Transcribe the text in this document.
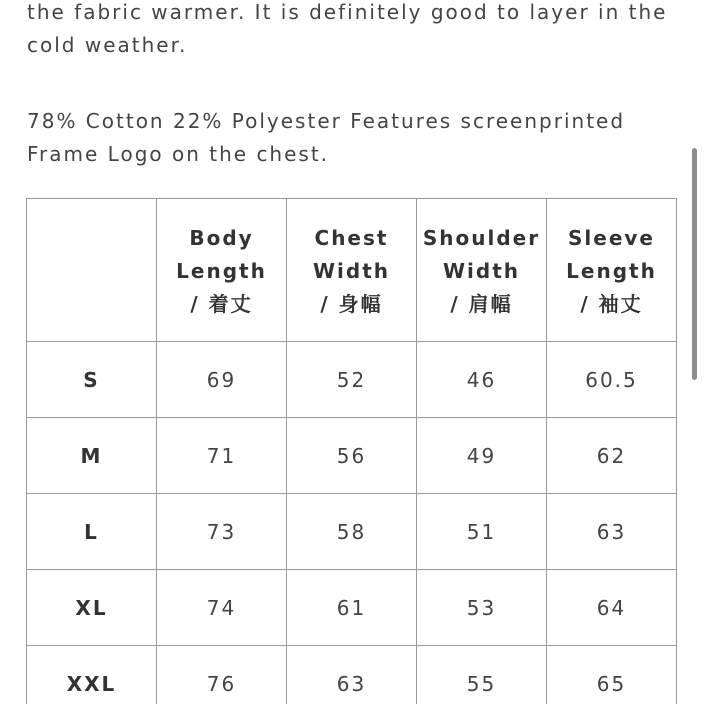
the fabric warmer. It is definitely good to layer in the cold weather.

78% Cotton 22% Polyester Features screenprinted Frame Logo on the chest.

	Body
Length
/ 着丈	Chest
Width
/ 身幅	Shoulder
Width
/ 肩幅	Sleeve
Length
/ 袖丈

S	69	52	46	60.5
M	71	56	49	62
L	73	58	51	63
XL	74	61	53	64
XXL	76	63	55	65
